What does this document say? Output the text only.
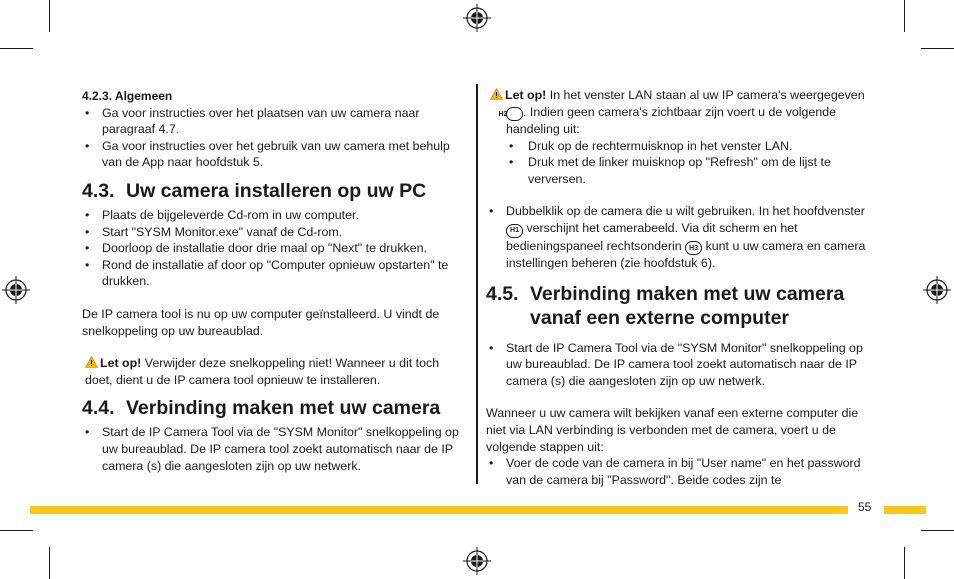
4.2.3. Algemeen

• Ga voor instructies over het plaatsen van uw camera naar paragraaf 4.7.
• Ga voor instructies over het gebruik van uw camera met behulp van de App naar hoofdstuk 5.
4.3. Uw camera installeren op uw PC
• Plaats de bijgeleverde Cd-rom in uw computer.
• Start "SYSM Monitor.exe" vanaf de Cd-rom.
• Doorloop de installatie door drie maal op "Next" te drukken.
• Rond de installatie af door op "Computer opnieuw opstarten" te drukken.

De IP camera tool is nu op uw computer geïnstalleerd. U vindt de snelkoppeling op uw bureaublad.

Let op! Verwijder deze snelkoppeling niet! Wanneer u dit toch doet, dient u de IP camera tool opnieuw te installeren.

4.4. Verbinding maken met uw camera
• Start de IP Camera Tool via de "SYSM Monitor" snelkoppeling op uw bureaublad. De IP camera tool zoekt automatisch naar de IP camera (s) die aangesloten zijn op uw netwerk.

Let op! In het venster LAN staan al uw IP camera's weergegeven H2 . Indien geen camera's zichtbaar zijn voert u de volgende handeling uit:

• Druk op de rechtermuisknop in het venster LAN.
• Druk met de linker muisknop op "Refresh" om de lijst te verversen.
• Dubbelklik op de camera die u wilt gebruiken. In het hoofdvenster H1 verschijnt het camerabeeld. Via dit scherm en het bedieningspaneel rechtsonderin H3 kunt u uw camera en camera instellingen beheren (zie hoofdstuk 6).
4.5. Verbinding maken met uw camera vanaf een externe computer
• Start de IP Camera Tool via de "SYSM Monitor" snelkoppeling op uw bureaublad. De IP camera tool zoekt automatisch naar de IP camera (s) die aangesloten zijn op uw netwerk.

Wanneer u uw camera wilt bekijken vanaf een externe computer die niet via LAN verbinding is verbonden met de camera, voert u de volgende stappen uit:

• Voer de code van de camera in bij "User name" en het password van de camera bij "Password". Beide codes zijn te
55
